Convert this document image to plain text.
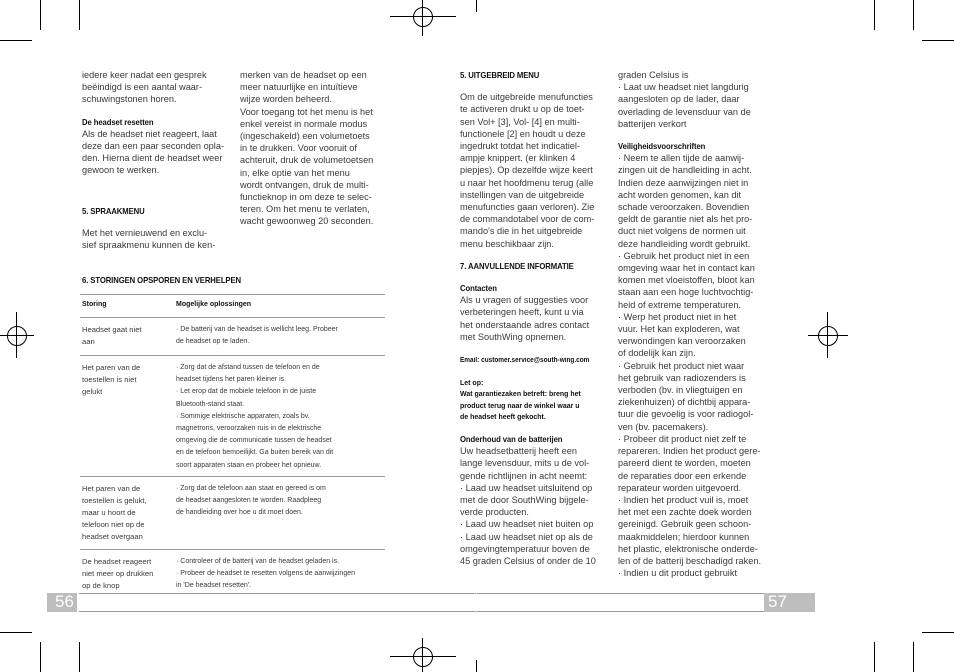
iedere keer nadat een gesprek
beëindigd is een aantal waar-
schuwingstonen horen.

De headset resetten

Als de headset niet reageert, laat
deze dan een paar seconden opla-
den. Hierna dient de headset weer
gewoon te werken.

5. SPRAAKMENU

Met het vernieuwend en exclu-
sief spraakmenu kunnen de ken-

merken van de headset op een
meer natuurlijke en intuïtieve
wijze worden beheerd.
Voor toegang tot het menu is het
enkel vereist in normale modus
(ingeschakeld) een volumetoets
in te drukken. Voor vooruit of
achteruit, druk de volumetoetsen
in, elke optie van het menu
wordt ontvangen, druk de multi-
functieknop in om deze te selec-
teren. Om het menu te verlaten,
wacht gewoonweg 20 seconden.

6. STORINGEN OPSPOREN EN VERHELPEN
Storing	Mogelijke oplossingen
Headset gaat niet
aan
· De batterij van de headset is wellicht leeg. Probeer
de headset op te laden.
Het paren van de
toestellen is niet
gelukt
· Zorg dat de afstand tussen de telefoon en de
headset tijdens het paren kleiner is.
· Let erop dat de mobiele telefoon in de juiste
Bluetooth-stand staat.
· Sommige elektrische apparaten, zoals bv.
magnetrons, veroorzaken ruis in de elektrische
omgeving die de communicatie tussen de headset
en de telefoon bemoeilijkt. Ga buiten bereik van dit
soort apparaten staan en probeer het opnieuw.
Het paren van de
toestellen is gelukt,
maar u hoort de
telefoon niet op de
headset overgaan
· Zorg dat de telefoon aan staat en gereed is om
de headset aangesloten te worden. Raadpleeg
de handleiding over hoe u dit moet doen.
De headset reageert
niet meer op drukken
op de knop
· Controleer of de batterij van de headset geladen is.
· Probeer de headset te resetten volgens de aanwijzingen
in 'De headset resetten'.
56
5. UITGEBREID MENU

Om de uitgebreide menufuncties
te activeren drukt u op de toet-
sen Vol+ [3], Vol- [4] en multi-
functionele [2] en houdt u deze
ingedrukt totdat het indicatiel-
ampje knippert. (er klinken 4
piepjes). Op dezelfde wijze keert
u naar het hoofdmenu terug (alle
instellingen van de uitgebreide
menufuncties gaan verloren). Zie
de commandotabel voor de com-
mando's die in het uitgebreide
menu beschikbaar zijn.

7. AANVULLENDE INFORMATIE
Contacten

Als u vragen of suggesties voor
verbeteringen heeft, kunt u via
het onderstaande adres contact
met SouthWing opnemen.

Email: customer.service@south-wing.com
Let op:
Wat garantiezaken betreft: breng het
product terug naar de winkel waar u
de headset heeft gekocht.
Onderhoud van de batterijen

Uw headsetbatterij heeft een
lange levensduur, mits u de vol-
gende richtlijnen in acht neemt:
· Laad uw headset uitsluitend op
met de door SouthWing bijgele-
verde producten.
· Laad uw headset niet buiten op
· Laad uw headset niet op als de
omgevingtemperatuur boven de
45 graden Celsius of onder de 10

graden Celsius is
· Laat uw headset niet langdurig
aangesloten op de lader, daar
overlading de levensduur van de
batterijen verkort

Veiligheidsvoorschriften

· Neem te allen tijde de aanwij-
zingen uit de handleiding in acht.
Indien deze aanwijzingen niet in
acht worden genomen, kan dit
schade veroorzaken. Bovendien
geldt de garantie niet als het pro-
duct niet volgens de normen uit
deze handleiding wordt gebruikt.
· Gebruik het product niet in een
omgeving waar het in contact kan
komen met vloeistoffen, bloot kan
staan aan een hoge luchtvochtig-
heid of extreme temperaturen.
· Werp het product niet in het
vuur. Het kan exploderen, wat
verwondingen kan veroorzaken
of dodelijk kan zijn.
· Gebruik het product niet waar
het gebruik van radiozenders is
verboden (bv. in vliegtuigen en
ziekenhuizen) of dichtbij appara-
tuur die gevoelig is voor radiogol-
ven (bv. pacemakers).
· Probeer dit product niet zelf te
repareren. Indien het product gere-
pareerd dient te worden, moeten
de reparaties door een erkende
reparateur worden uitgevoerd.
· Indien het product vuil is, moet
het met een zachte doek worden
gereinigd. Gebruik geen schoon-
maakmiddelen; hierdoor kunnen
het plastic, elektronische onderde-
len of de batterij beschadigd raken.
· Indien u dit product gebruikt

57
